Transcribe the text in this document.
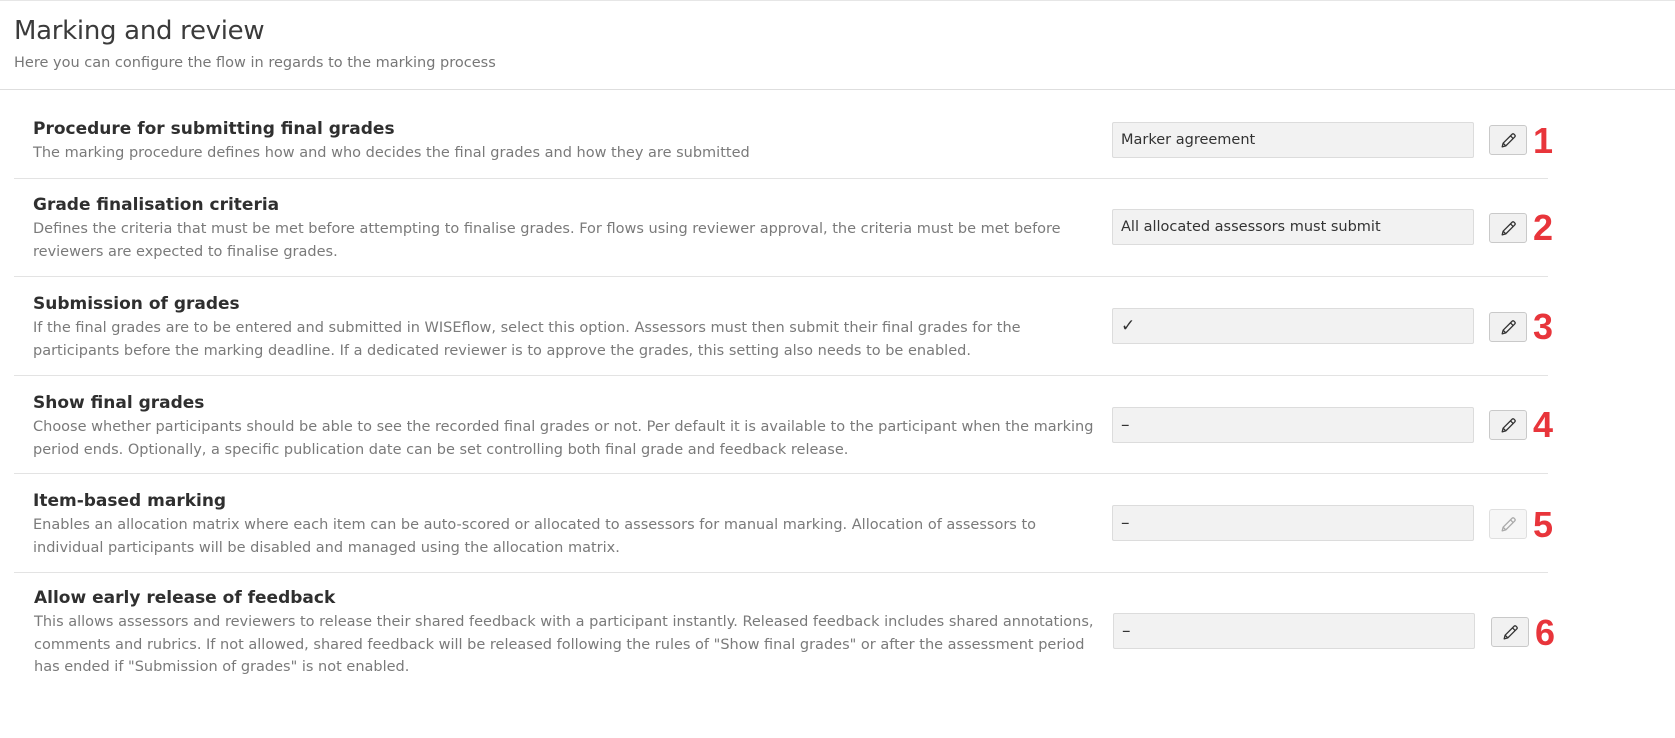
Marking and review
Here you can configure the flow in regards to the marking process
Procedure for submitting final grades
The marking procedure defines how and who decides the final grades and how they are submitted
Marker agreement	1
Grade finalisation criteria
Defines the criteria that must be met before attempting to finalise grades. For flows using reviewer approval, the criteria must be met before reviewers are expected to finalise grades.
All allocated assessors must submit	2
Submission of grades
If the final grades are to be entered and submitted in WISEflow, select this option. Assessors must then submit their final grades for the participants before the marking deadline. If a dedicated reviewer is to approve the grades, this setting also needs to be enabled.
✓	3
Show final grades
Choose whether participants should be able to see the recorded final grades or not. Per default it is available to the participant when the marking period ends. Optionally, a specific publication date can be set controlling both final grade and feedback release.
–	4
Item-based marking
Enables an allocation matrix where each item can be auto-scored or allocated to assessors for manual marking. Allocation of assessors to individual participants will be disabled and managed using the allocation matrix.
–	5
Allow early release of feedback
This allows assessors and reviewers to release their shared feedback with a participant instantly. Released feedback includes shared annotations, comments and rubrics. If not allowed, shared feedback will be released following the rules of "Show final grades" or after the assessment period has ended if "Submission of grades" is not enabled.
–	6
